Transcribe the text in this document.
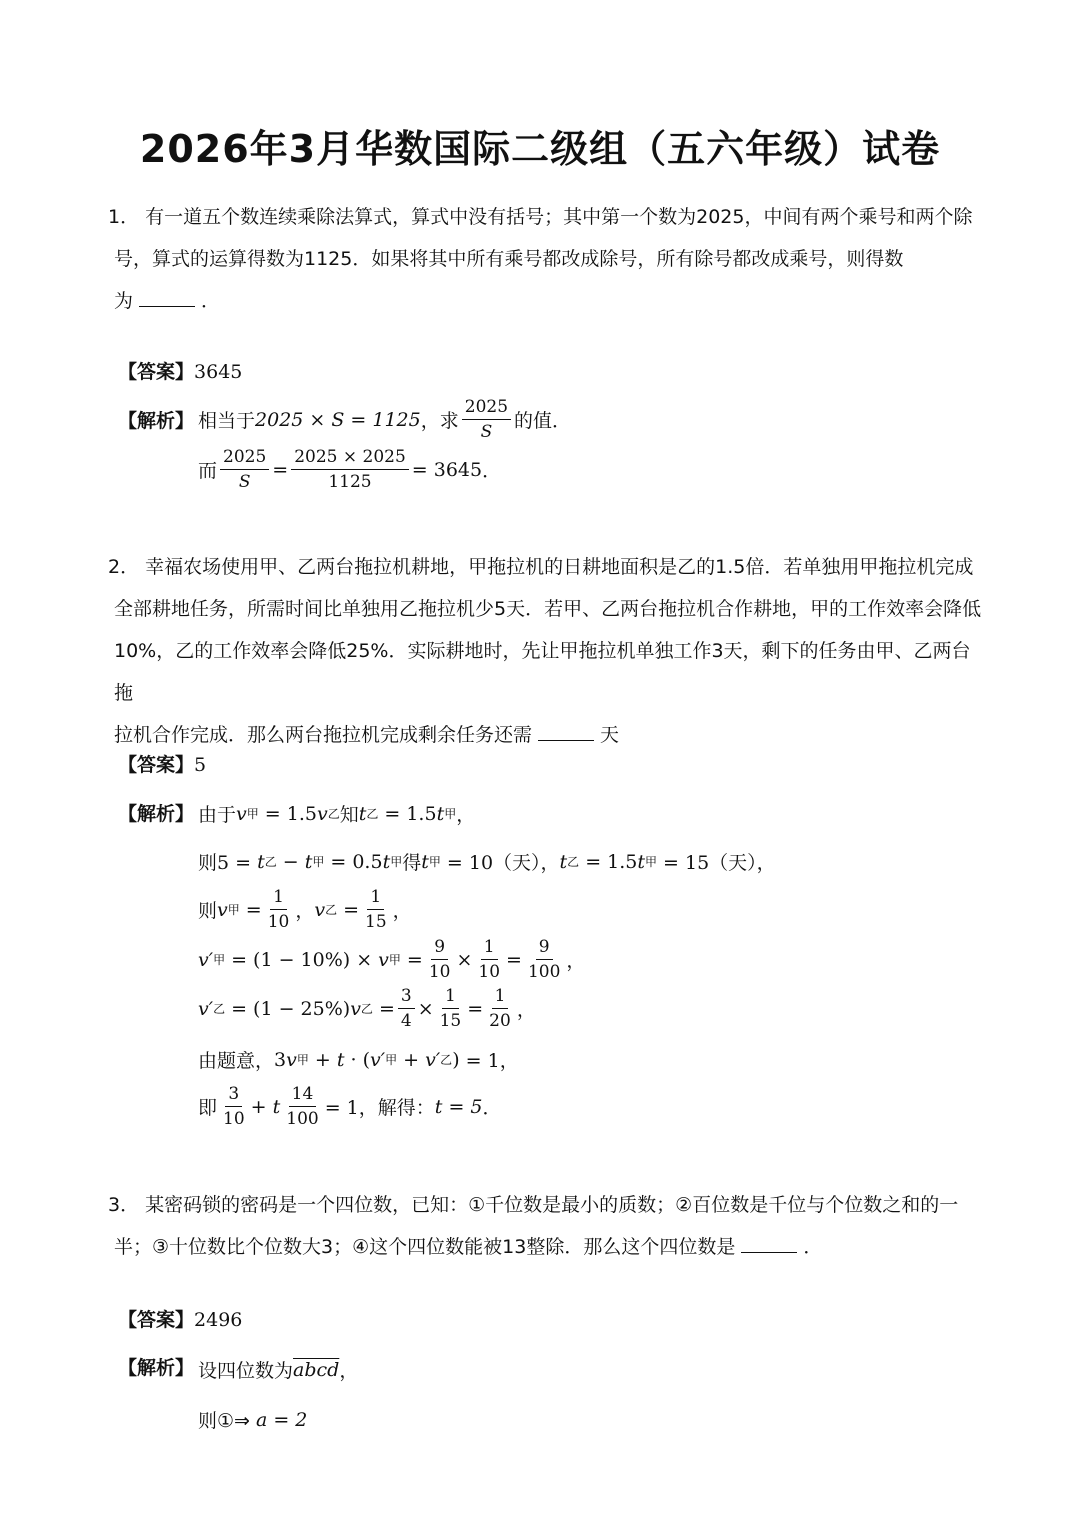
2026年3月华数国际二级组（五六年级）试卷
1． 有一道五个数连续乘除法算式，算式中没有括号；其中第一个数为2025，中间有两个乘号和两个除
号，算式的运算得数为1125．如果将其中所有乘号都改成除号，所有除号都改成乘号，则得数
为	．
【答案】3645
【解析】 相当于 2025 × S = 1125 ，求 $\frac{2025}{S}$ 的值．
而 $\frac{2025}{S} = \frac{2025 \times 2025}{1125} = 3645$ ．
2． 幸福农场使用甲、乙两台拖拉机耕地，甲拖拉机的日耕地面积是乙的1.5倍．若单独用甲拖拉机完成
全部耕地任务，所需时间比单独用乙拖拉机少5天．若甲、乙两台拖拉机合作耕地，甲的工作效率会降低
10%，乙的工作效率会降低25%．实际耕地时，先让甲拖拉机单独工作3天，剩下的任务由甲、乙两台拖
拉机合作完成．那么两台拖拉机完成剩余任务还需	天
【答案】5
【解析】 由于 v 甲 = 1.5 v 乙 知 t 乙 = 1.5 t 甲 ，
则5 = t 乙 − t 甲 = 0.5 t 甲 得 t 甲 = 10（天）， t 乙 = 1.5 t 甲 = 15（天），
则 v 甲 = $\frac{1}{10}$ ， v 乙 = $\frac{1}{15}$ ，
v′ 甲 = (1 − 10%) × v 甲 = $\frac{9}{10} \times \frac{1}{10} = \frac{9}{100}$ ，
v′ 乙 = (1 − 25%) v 乙 = $\frac{3}{4} \times \frac{1}{15} = \frac{1}{20}$ ，
由题意， 3 v 甲 + t · ( v′ 甲 + v′ 乙 ) = 1，
即 $\frac{3}{10} + t \frac{14}{100} = 1$，解得： t = 5 ．
3． 某密码锁的密码是一个四位数，已知：①千位数是最小的质数；②百位数是千位与个位数之和的一
半；③十位数比个位数大3；④这个四位数能被13整除．那么这个四位数是	．
【答案】2496
【解析】 设四位数为 abcd ，
则①⇒ a = 2
